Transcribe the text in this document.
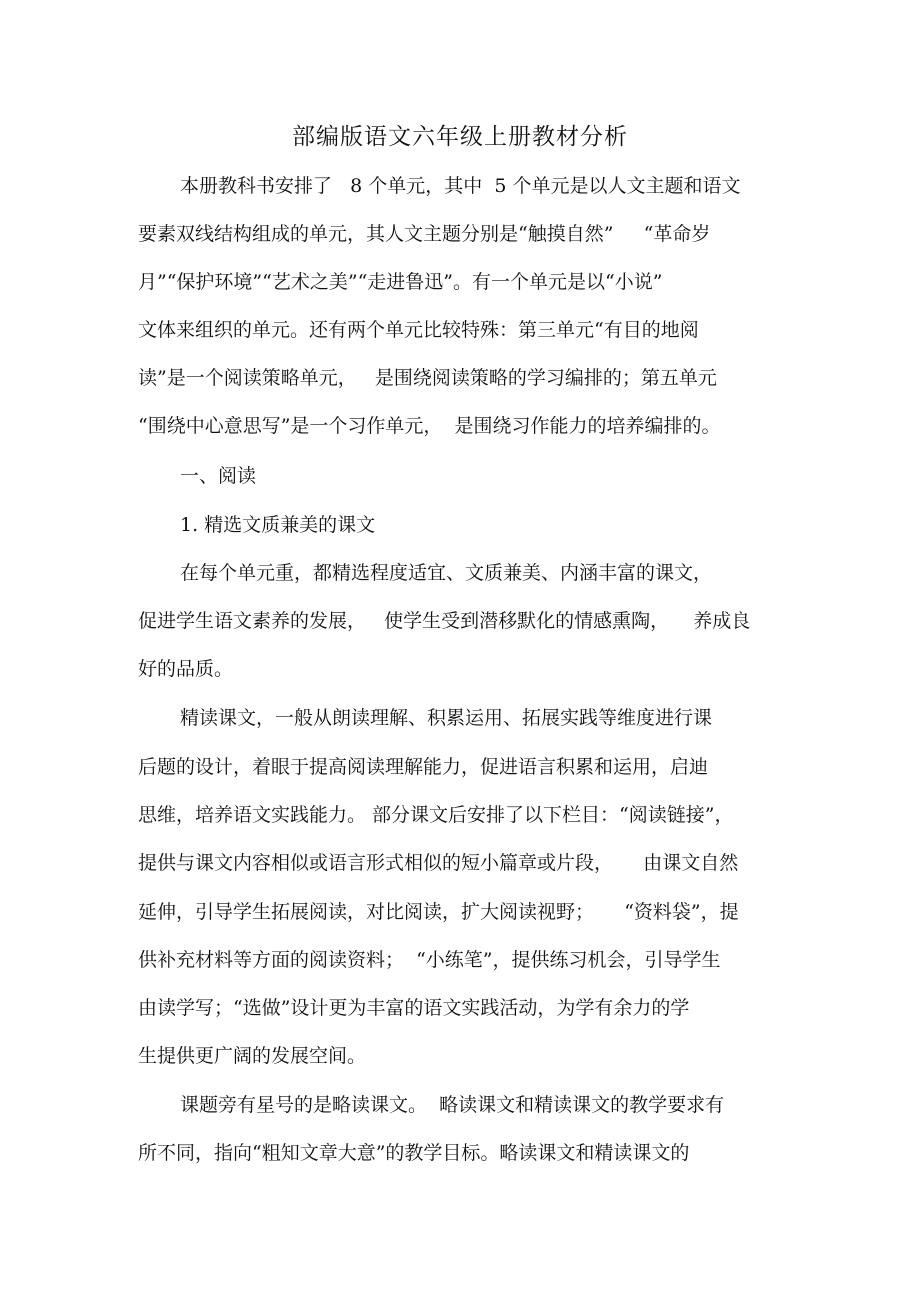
部编版语文六年级上册教材分析
本册教科书安排了   8 个单元，其中  5 个单元是以人文主题和语文
要素双线结构组成的单元，其人文主题分别是“触摸自然”     “革命岁
月”“保护环境”“艺术之美”“走进鲁迅”。有一个单元是以“小说”
文体来组织的单元。还有两个单元比较特殊：第三单元“有目的地阅
读”是一个阅读策略单元，   是围绕阅读策略的学习编排的；第五单元
“围绕中心意思写”是一个习作单元，  是围绕习作能力的培养编排的。
一、阅读
1. 精选文质兼美的课文
在每个单元重，都精选程度适宜、文质兼美、内涵丰富的课文，
促进学生语文素养的发展，   使学生受到潜移默化的情感熏陶，    养成良
好的品质。
精读课文，一般从朗读理解、积累运用、拓展实践等维度进行课
后题的设计，着眼于提高阅读理解能力，促进语言积累和运用，启迪
思维，培养语文实践能力。 部分课文后安排了以下栏目：“阅读链接”，
提供与课文内容相似或语言形式相似的短小篇章或片段，     由课文自然
延伸，引导学生拓展阅读，对比阅读，扩大阅读视野；     “资料袋”，提
供补充材料等方面的阅读资料；  “小练笔”，提供练习机会，引导学生
由读学写；“选做”设计更为丰富的语文实践活动，为学有余力的学
生提供更广阔的发展空间。
课题旁有星号的是略读课文。  略读课文和精读课文的教学要求有
所不同，指向“粗知文章大意”的教学目标。略读课文和精读课文的
